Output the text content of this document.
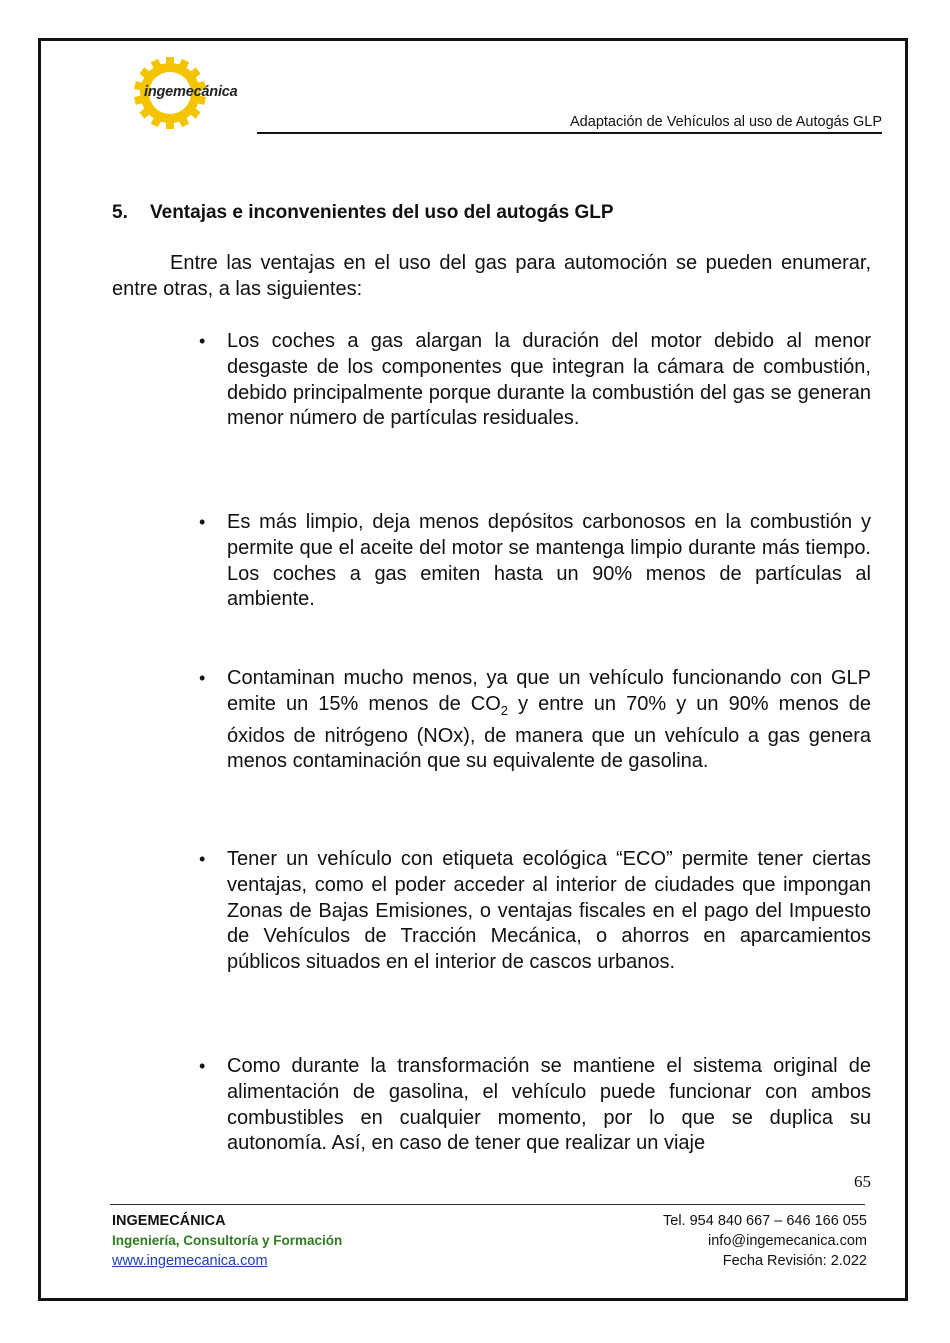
ingemecánica
Adaptación de Vehículos al uso de Autogás GLP
5. Ventajas e inconvenientes del uso del autogás GLP

Entre las ventajas en el uso del gas para automoción se pueden enumerar, entre otras, a las siguientes:

• Los coches a gas alargan la duración del motor debido al menor desgaste de los componentes que integran la cámara de combustión, debido principalmente porque durante la combustión del gas se generan menor número de partículas residuales.
• Es más limpio, deja menos depósitos carbonosos en la combustión y permite que el aceite del motor se mantenga limpio durante más tiempo. Los coches a gas emiten hasta un 90% menos de partículas al ambiente.
• Contaminan mucho menos, ya que un vehículo funcionando con GLP emite un 15% menos de $CO_2$ y entre un 70% y un 90% menos de óxidos de nitrógeno (NOx), de manera que un vehículo a gas genera menos contaminación que su equivalente de gasolina.
• Tener un vehículo con etiqueta ecológica “ECO” permite tener ciertas ventajas, como el poder acceder al interior de ciudades que impongan Zonas de Bajas Emisiones, o ventajas fiscales en el pago del Impuesto de Vehículos de Tracción Mecánica, o ahorros en aparcamientos públicos situados en el interior de cascos urbanos.
• Como durante la transformación se mantiene el sistema original de alimentación de gasolina, el vehículo puede funcionar con ambos combustibles en cualquier momento, por lo que se duplica su autonomía. Así, en caso de tener que realizar un viaje
65
INGEMECÁNICA
Ingeniería, Consultoría y Formación
www.ingemecanica.com
Tel. 954 840 667 – 646 166 055
info@ingemecanica.com
Fecha Revisión: 2.022
